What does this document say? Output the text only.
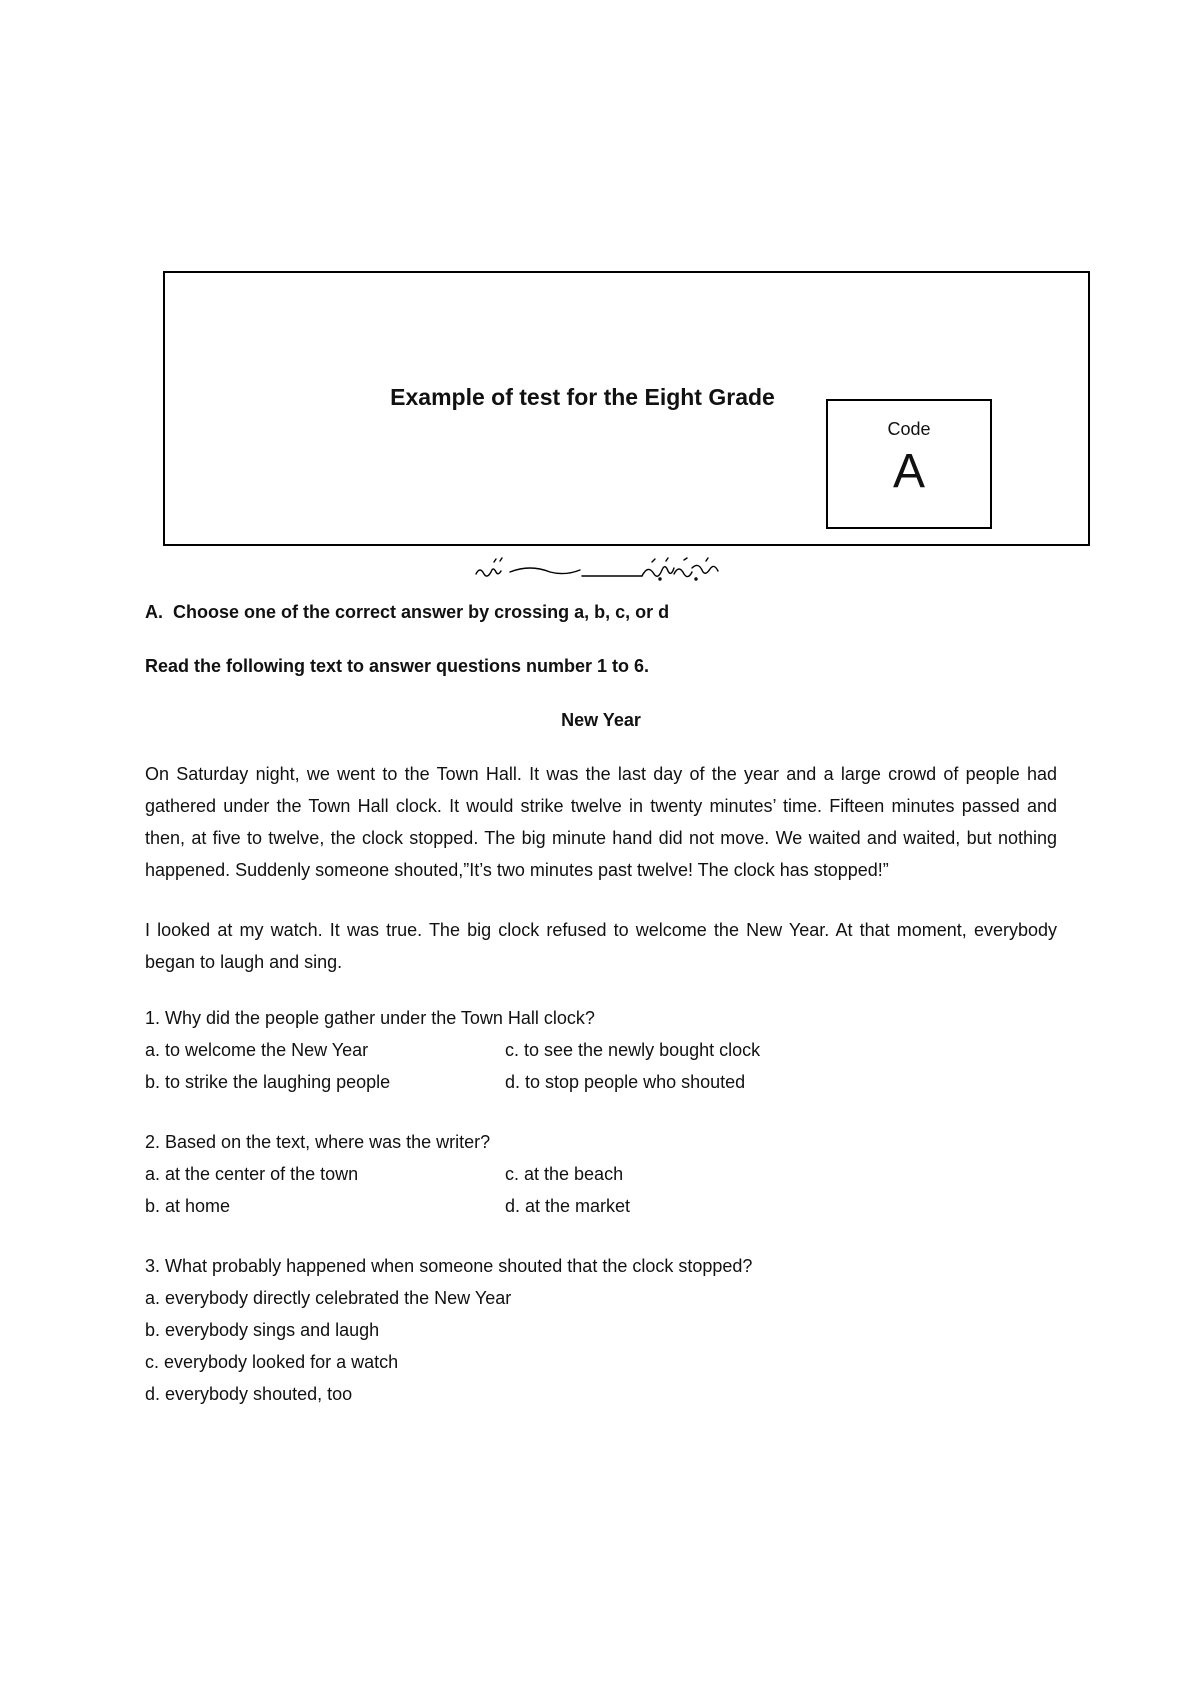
Example of test for the Eight Grade

Code
A

A. Choose one of the correct answer by crossing a, b, c, or d

Read the following text to answer questions number 1 to 6.

New Year

On Saturday night, we went to the Town Hall. It was the last day of the year and a large crowd of people had gathered under the Town Hall clock. It would strike twelve in twenty minutes’ time. Fifteen minutes passed and then, at five to twelve, the clock stopped. The big minute hand did not move. We waited and waited, but nothing happened. Suddenly someone shouted,”It’s two minutes past twelve! The clock has stopped!”

I looked at my watch. It was true. The big clock refused to welcome the New Year. At that moment, everybody began to laugh and sing.

1. Why did the people gather under the Town Hall clock?

a. to welcome the New Year	c. to see the newly bought clock
b. to strike the laughing people	d. to stop people who shouted

2. Based on the text, where was the writer?

a. at the center of the town	c. at the beach
b. at home	d. at the market

3. What probably happened when someone shouted that the clock stopped?

a. everybody directly celebrated the New Year

b. everybody sings and laugh

c. everybody looked for a watch

d. everybody shouted, too
